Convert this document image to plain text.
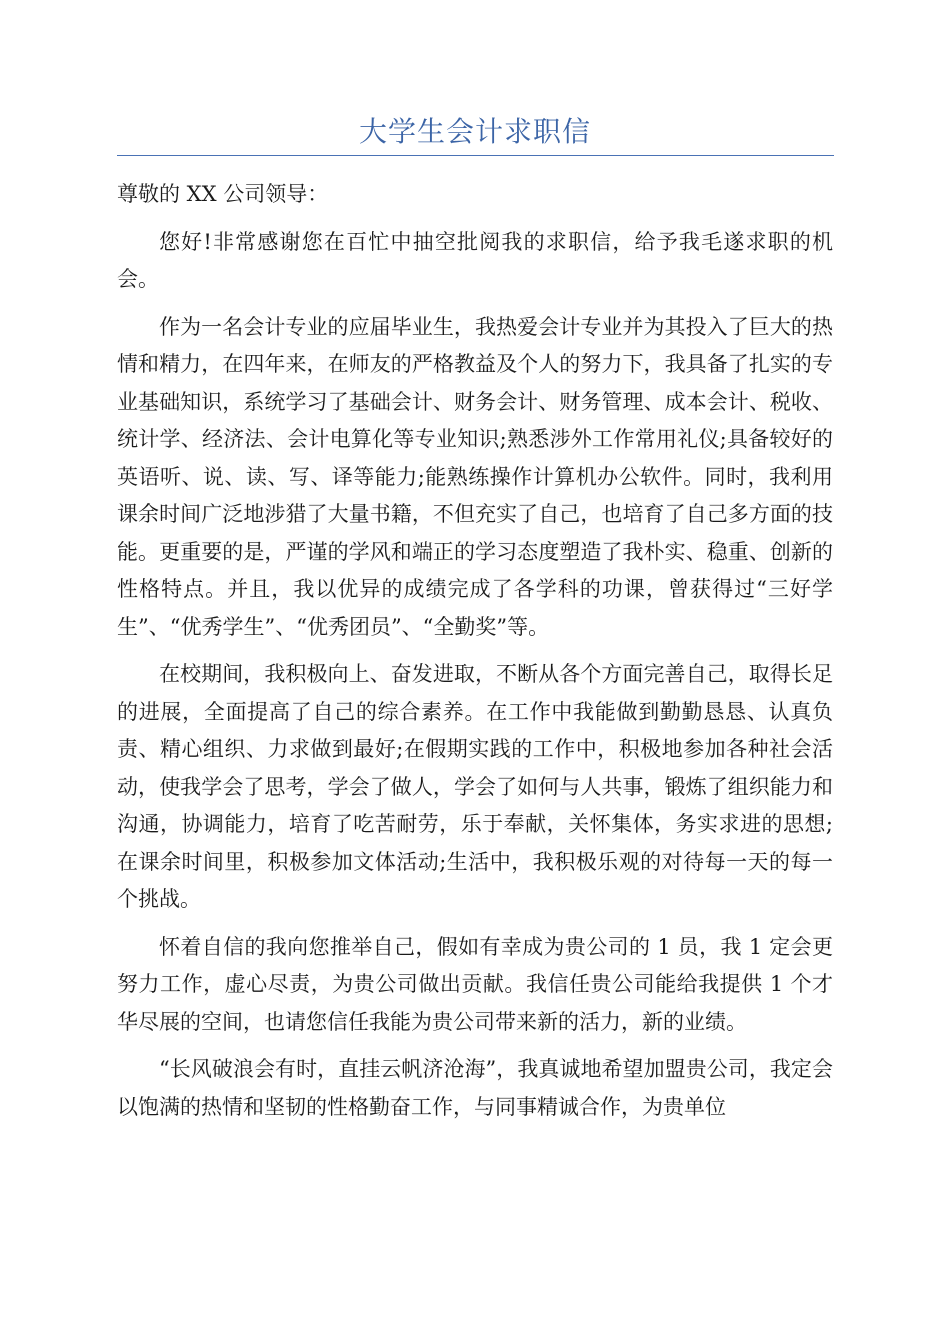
大学生会计求职信

尊敬的 XX 公司领导：

您好!非常感谢您在百忙中抽空批阅我的求职信，给予我毛遂求职的机会。

作为一名会计专业的应届毕业生，我热爱会计专业并为其投入了巨大的热情和精力，在四年来，在师友的严格教益及个人的努力下，我具备了扎实的专业基础知识，系统学习了基础会计、财务会计、财务管理、成本会计、税收、统计学、经济法、会计电算化等专业知识;熟悉涉外工作常用礼仪;具备较好的英语听、说、读、写、译等能力;能熟练操作计算机办公软件。同时，我利用课余时间广泛地涉猎了大量书籍，不但充实了自己，也培育了自己多方面的技能。更重要的是，严谨的学风和端正的学习态度塑造了我朴实、稳重、创新的性格特点。并且，我以优异的成绩完成了各学科的功课，曾获得过“三好学生”、“优秀学生”、“优秀团员”、“全勤奖”等。

在校期间，我积极向上、奋发进取，不断从各个方面完善自己，取得长足的进展，全面提高了自己的综合素养。在工作中我能做到勤勤恳恳、认真负责、精心组织、力求做到最好;在假期实践的工作中，积极地参加各种社会活动，使我学会了思考，学会了做人，学会了如何与人共事，锻炼了组织能力和沟通，协调能力，培育了吃苦耐劳，乐于奉献，关怀集体，务实求进的思想;在课余时间里，积极参加文体活动;生活中，我积极乐观的对待每一天的每一个挑战。

怀着自信的我向您推举自己，假如有幸成为贵公司的 1 员，我 1 定会更努力工作，虚心尽责，为贵公司做出贡献。我信任贵公司能给我提供 1 个才华尽展的空间，也请您信任我能为贵公司带来新的活力，新的业绩。

“长风破浪会有时，直挂云帆济沧海”，我真诚地希望加盟贵公司，我定会以饱满的热情和坚韧的性格勤奋工作，与同事精诚合作，为贵单位
